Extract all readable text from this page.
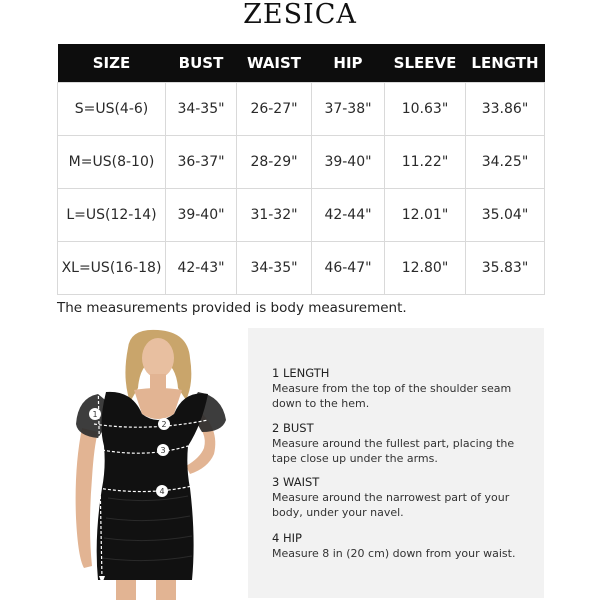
ZESICA
SIZE	BUST	WAIST	HIP	SLEEVE	LENGTH
S=US(4-6)	34-35"	26-27"	37-38"	10.63"	33.86"
M=US(8-10)	36-37"	28-29"	39-40"	11.22"	34.25"
L=US(12-14)	39-40"	31-32"	42-44"	12.01"	35.04"
XL=US(16-18)	42-43"	34-35"	46-47"	12.80"	35.83"
The measurements provided is body measurement.
1 LENGTH
Measure from the top of the shoulder seam down to the hem.
2 BUST
Measure around the fullest part, placing the tape close up under the arms.
3 WAIST
Measure around the narrowest part of your body, under your navel.
4 HIP
Measure 8 in (20 cm) down from your waist.
1
2
3
4
